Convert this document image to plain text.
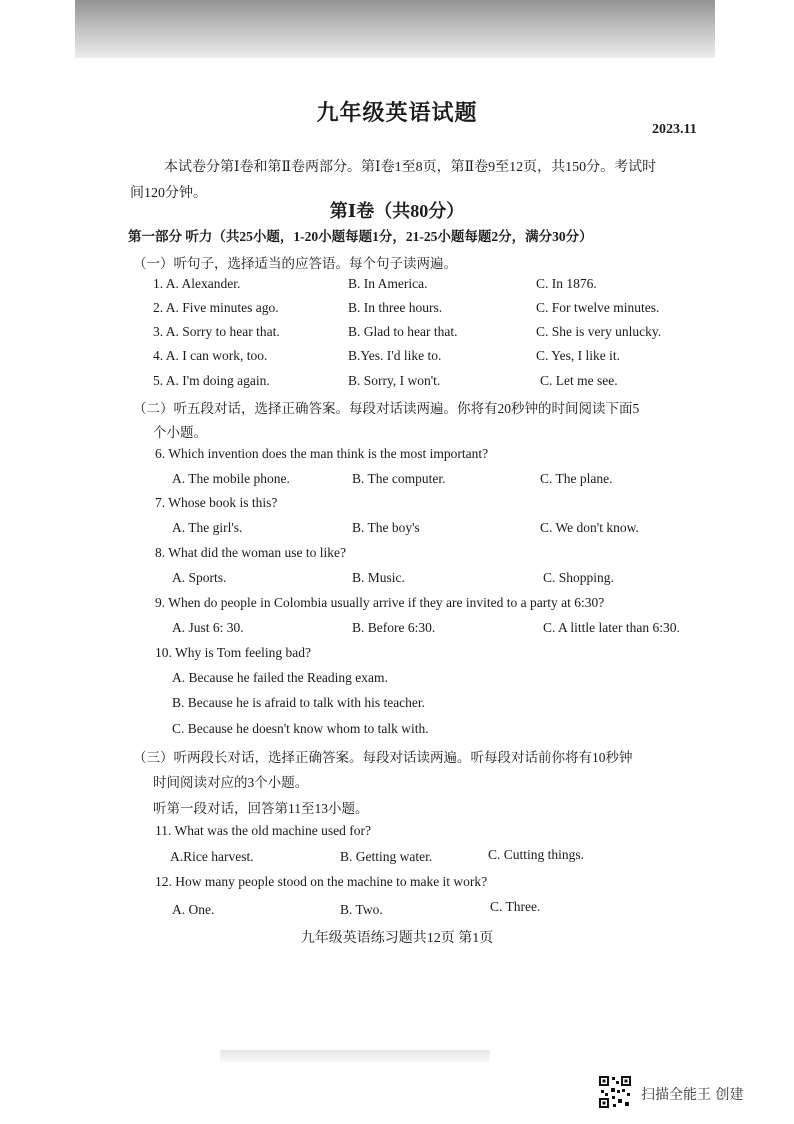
九年级英语试题
2023.11
本试卷分第Ⅰ卷和第Ⅱ卷两部分。第Ⅰ卷1至8页，第Ⅱ卷9至12页，共150分。考试时间120分钟。
第Ⅰ卷（共80分）
第一部分 听力（共25小题，1-20小题每题1分，21-25小题每题2分，满分30分）
（一）听句子，选择适当的应答语。每个句子读两遍。
1. A. Alexander.	B. In America.	C. In 1876.
2. A. Five minutes ago.	B. In three hours.	C. For twelve minutes.
3. A. Sorry to hear that.	B. Glad to hear that.	C. She is very unlucky.
4. A. I can work, too.	B.Yes. I'd like to.	C. Yes, I like it.
5. A. I'm doing again.	B. Sorry, I won't.	C. Let me see.
（二）听五段对话，选择正确答案。每段对话读两遍。你将有20秒钟的时间阅读下面5
个小题。
6. Which invention does the man think is the most important?
A. The mobile phone.	B. The computer.	C. The plane.
7. Whose book is this?
A. The girl's.	B. The boy's	C. We don't know.
8. What did the woman use to like?
A. Sports.	B. Music.	C. Shopping.
9. When do people in Colombia usually arrive if they are invited to a party at 6:30?
A. Just 6: 30.	B. Before 6:30.	C. A little later than 6:30.
10. Why is Tom feeling bad?
A. Because he failed the Reading exam.
B. Because he is afraid to talk with his teacher.
C. Because he doesn't know whom to talk with.
（三）听两段长对话，选择正确答案。每段对话读两遍。听每段对话前你将有10秒钟
时间阅读对应的3个小题。
听第一段对话，回答第11至13小题。
11. What was the old machine used for?
A.Rice harvest.	B. Getting water.	C. Cutting things.
12. How many people stood on the machine to make it work?
A. One.	B. Two.	C. Three.
九年级英语练习题共12页 第1页
扫描全能王 创建
